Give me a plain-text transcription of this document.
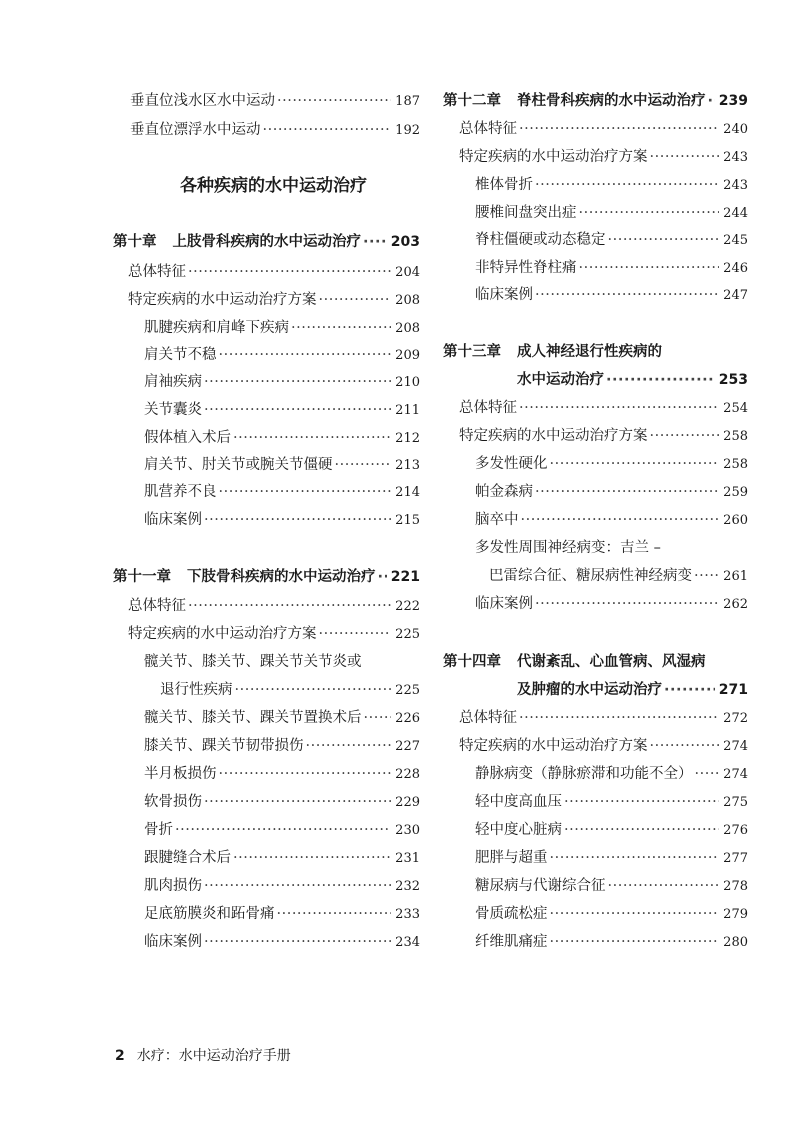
垂直位浅水区水中运动 ·····	187
垂直位漂浮水中运动 ·····	192
各种疾病的水中运动治疗
第十章 上肢骨科疾病的水中运动治疗 ····· 203
总体特征 ·····	204
特定疾病的水中运动治疗方案 ·····	208
肌腱疾病和肩峰下疾病 ·····	208
肩关节不稳 ·····	209
肩袖疾病 ·····	210
关节囊炎 ·····	211
假体植入术后 ·····	212
肩关节、肘关节或腕关节僵硬 ·····	213
肌营养不良 ·····	214
临床案例 ·····	215
第十一章 下肢骨科疾病的水中运动治疗 ····· 221
总体特征 ·····	222
特定疾病的水中运动治疗方案 ·····	225
髋关节、膝关节、踝关节关节炎或
退行性疾病 ·····	225
髋关节、膝关节、踝关节置换术后 ·····	226
膝关节、踝关节韧带损伤 ·····	227
半月板损伤 ·····	228
软骨损伤 ·····	229
骨折 ·····	230
跟腱缝合术后 ·····	231
肌肉损伤 ·····	232
足底筋膜炎和跖骨痛 ·····	233
临床案例 ·····	234
第十二章 脊柱骨科疾病的水中运动治疗 ····· 239
总体特征 ·····	240
特定疾病的水中运动治疗方案 ·····	243
椎体骨折 ·····	243
腰椎间盘突出症 ·····	244
脊柱僵硬或动态稳定 ·····	245
非特异性脊柱痛 ·····	246
临床案例 ·····	247
第十三章 成人神经退行性疾病的
水中运动治疗 ·····	253
总体特征 ·····	254
特定疾病的水中运动治疗方案 ·····	258
多发性硬化 ·····	258
帕金森病 ·····	259
脑卒中 ·····	260
多发性周围神经病变：吉兰 –
巴雷综合征、糖尿病性神经病变 ····· 261
临床案例 ·····	262
第十四章 代谢紊乱、心血管病、风湿病
及肿瘤的水中运动治疗 ·····	271
总体特征 ·····	272
特定疾病的水中运动治疗方案 ·····	274
静脉病变（静脉瘀滞和功能不全） ····· 274
轻中度高血压 ·····	275
轻中度心脏病 ·····	276
肥胖与超重 ·····	277
糖尿病与代谢综合征 ·····	278
骨质疏松症 ·····	279
纤维肌痛症 ·····	280
2 水疗：水中运动治疗手册
